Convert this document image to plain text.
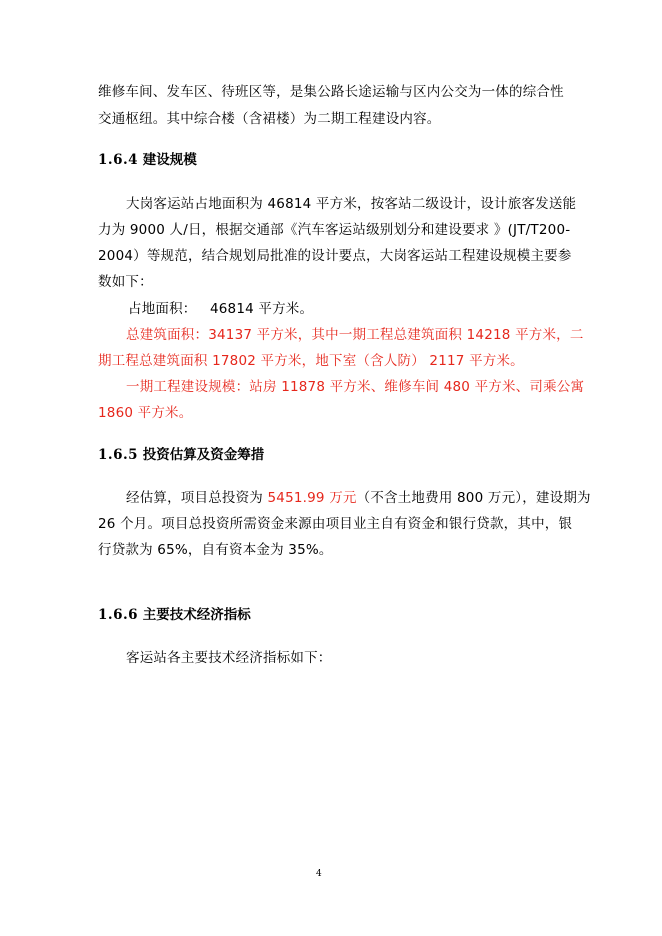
维修车间、发车区、待班区等，是集公路长途运输与区内公交为一体的综合性
交通枢纽。其中综合楼（含裙楼）为二期工程建设内容。
1.6.4 建设规模
大岗客运站占地面积为 46814 平方米，按客站二级设计，设计旅客发送能
力为 9000 人/日，根据交通部《汽车客运站级别划分和建设要求 》(JT/T200-
2004）等规范，结合规划局批准的设计要点，大岗客运站工程建设规模主要参
数如下：
占地面积：   46814 平方米。
总建筑面积：34137 平方米，其中一期工程总建筑面积 14218 平方米，二
期工程总建筑面积 17802 平方米，地下室（含人防） 2117 平方米。
一期工程建设规模：站房 11878 平方米、维修车间 480 平方米、司乘公寓
1860 平方米。
1.6.5 投资估算及资金筹措
经估算，项目总投资为 5451.99 万元（不含土地费用 800 万元），建设期为
26 个月。项目总投资所需资金来源由项目业主自有资金和银行贷款，其中，银
行贷款为 65%，自有资本金为 35%。
1.6.6 主要技术经济指标
客运站各主要技术经济指标如下：
4
